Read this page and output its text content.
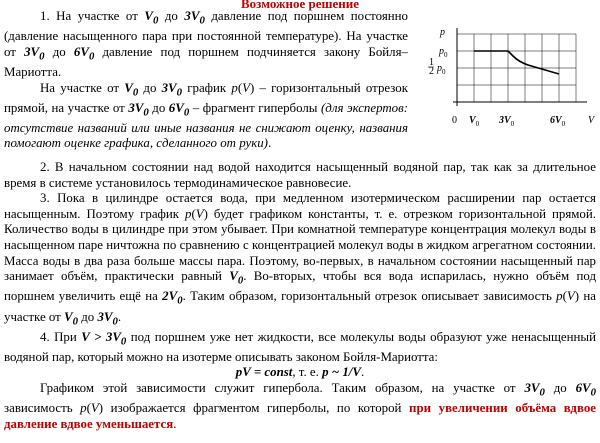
Возможное решение

1. На участке от $V_0$ до $3V_0$ давление под поршнем постоянно (давление насыщенного пара при постоянной температуре). На участке от $3V_0$ до $6V_0$ давление под поршнем подчиняется закону Бойля–Мариотта.

На участке от $V_0$ до $3V_0$ график p(V) – горизонтальный отрезок прямой, на участке от $3V_0$ до $6V_0$ – фрагмент гиперболы (для экспертов: отсутствие названий или иные названия не снижают оценку, названия помогают оценке графика, сделанного от руки).

p
V
$p_0$
1
2 $p_0$
0 $V_0$ $3V_0$	$6V_0$

2. В начальном состоянии над водой находится насыщенный водяной пар, так как за длительное время в системе установилось термодинамическое равновесие.

3. Пока в цилиндре остается вода, при медленном изотермическом расширении пар остается насыщенным. Поэтому график p(V) будет графиком константы, т. е. отрезком горизонтальной прямой. Количество воды в цилиндре при этом убывает. При комнатной температуре концентрация молекул воды в насыщенном паре ничтожна по сравнению с концентрацией молекул воды в жидком агрегатном состоянии. Масса воды в два раза больше массы пара. Поэтому, во-первых, в начальном состоянии насыщенный пар занимает объём, практически равный $V_0$. Во-вторых, чтобы вся вода испарилась, нужно объём под поршнем увеличить ещё на $2V_0$. Таким образом, горизонтальный отрезок описывает зависимость p(V) на участке от $V_0$ до $3V_0$.

4. При $V > 3V_0$ под поршнем уже нет жидкости, все молекулы воды образуют уже ненасыщенный водяной пар, который можно на изотерме описывать законом Бойля-Мариотта:

pV = const, т. е. p ~ 1/V.

Графиком этой зависимости служит гипербола. Таким образом, на участке от $3V_0$ до $6V_0$ зависимость p(V) изображается фрагментом гиперболы, по которой при увеличении объёма вдвое давление вдвое уменьшается.
